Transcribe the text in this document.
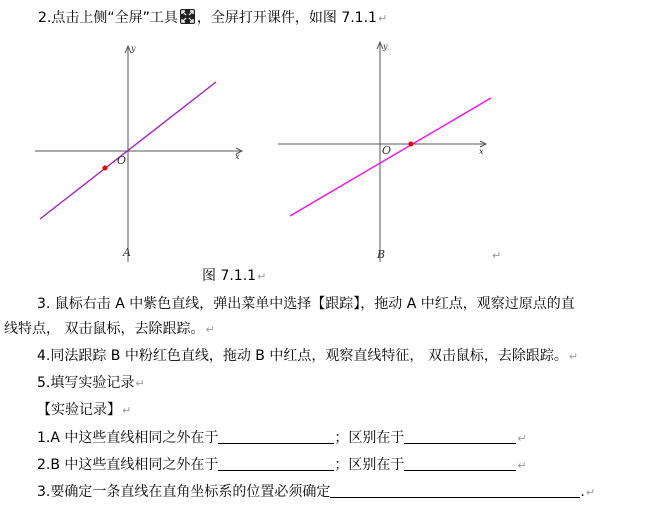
2.点击上侧“全屏”工具 ，全屏打开课件，如图 7.1.1↵
y
x
O
A
y
x
O
B	↵
图 7.1.1↵
3. 鼠标右击 A 中紫色直线，弹出菜单中选择【跟踪】，拖动 A 中红点，观察过原点的直
线特点， 双击鼠标，去除跟踪。↵
4.同法跟踪 B 中粉红色直线，拖动 B 中红点，观察直线特征， 双击鼠标，去除跟踪。↵
5.填写实验记录↵
【实验记录】↵
1.A 中这些直线相同之外在于	；区别在于	↵
2.B 中这些直线相同之外在于	；区别在于	↵
3.要确定一条直线在直角坐标系的位置必须确定	.↵
